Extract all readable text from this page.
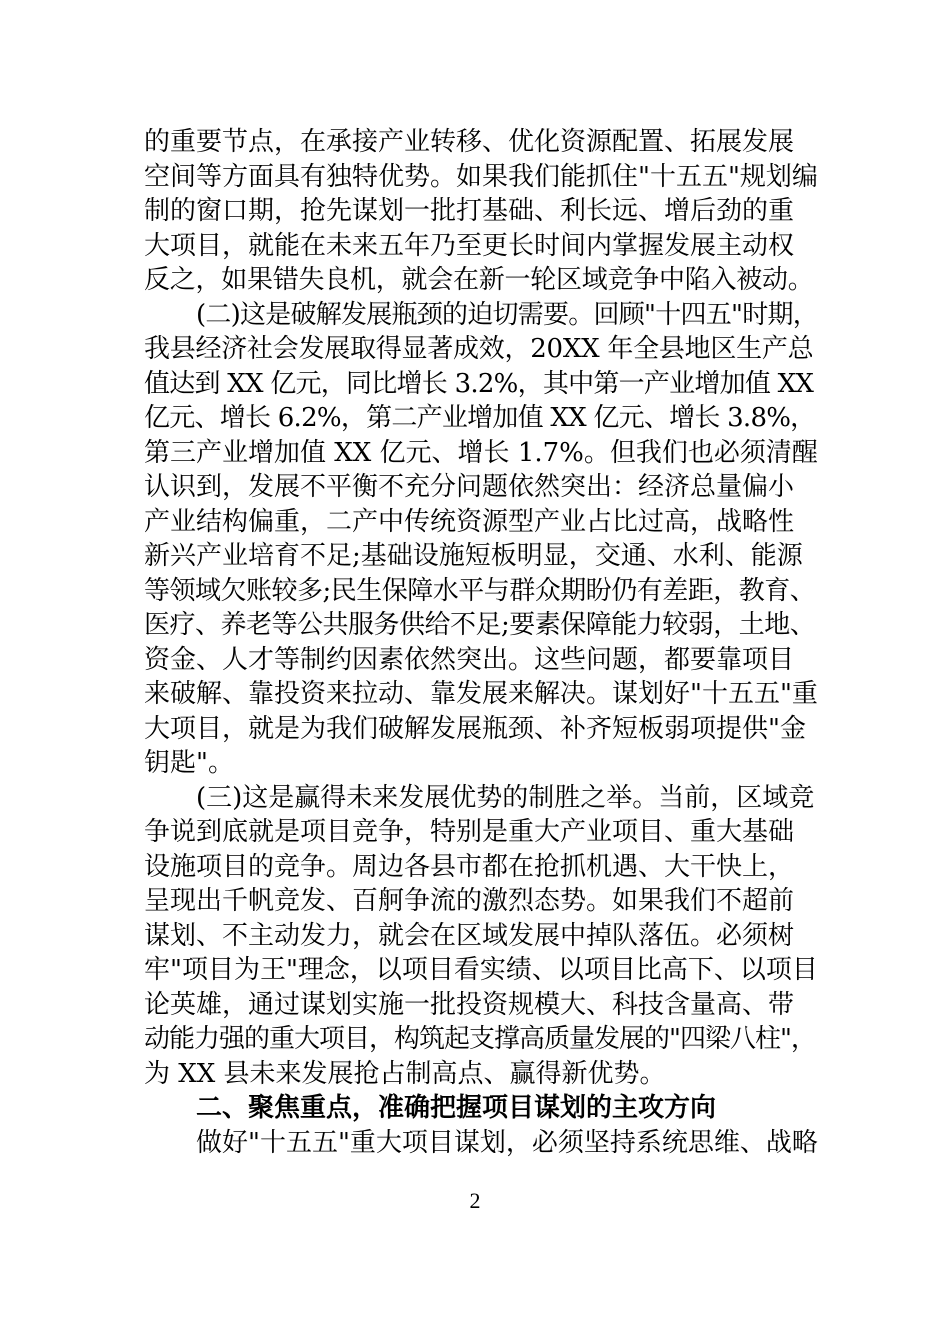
的重要节点，在承接产业转移、优化资源配置、拓展发展
空间等方面具有独特优势。如果我们能抓住"十五五"规划编
制的窗口期，抢先谋划一批打基础、利长远、增后劲的重
大项目，就能在未来五年乃至更长时间内掌握发展主动权
反之，如果错失良机，就会在新一轮区域竞争中陷入被动。
(二)这是破解发展瓶颈的迫切需要。回顾"十四五"时期，
我县经济社会发展取得显著成效，20XX 年全县地区生产总
值达到 XX 亿元，同比增长 3.2%，其中第一产业增加值 XX
亿元、增长 6.2%，第二产业增加值 XX 亿元、增长 3.8%，
第三产业增加值 XX 亿元、增长 1.7%。但我们也必须清醒
认识到，发展不平衡不充分问题依然突出：经济总量偏小
产业结构偏重，二产中传统资源型产业占比过高，战略性
新兴产业培育不足;基础设施短板明显，交通、水利、能源
等领域欠账较多;民生保障水平与群众期盼仍有差距，教育、
医疗、养老等公共服务供给不足;要素保障能力较弱，土地、
资金、人才等制约因素依然突出。这些问题，都要靠项目
来破解、靠投资来拉动、靠发展来解决。谋划好"十五五"重
大项目，就是为我们破解发展瓶颈、补齐短板弱项提供"金
钥匙"。
(三)这是赢得未来发展优势的制胜之举。当前，区域竞
争说到底就是项目竞争，特别是重大产业项目、重大基础
设施项目的竞争。周边各县市都在抢抓机遇、大干快上，
呈现出千帆竞发、百舸争流的激烈态势。如果我们不超前
谋划、不主动发力，就会在区域发展中掉队落伍。必须树
牢"项目为王"理念，以项目看实绩、以项目比高下、以项目
论英雄，通过谋划实施一批投资规模大、科技含量高、带
动能力强的重大项目，构筑起支撑高质量发展的"四梁八柱"，
为 XX 县未来发展抢占制高点、赢得新优势。
二、聚焦重点，准确把握项目谋划的主攻方向
做好"十五五"重大项目谋划，必须坚持系统思维、战略
2
